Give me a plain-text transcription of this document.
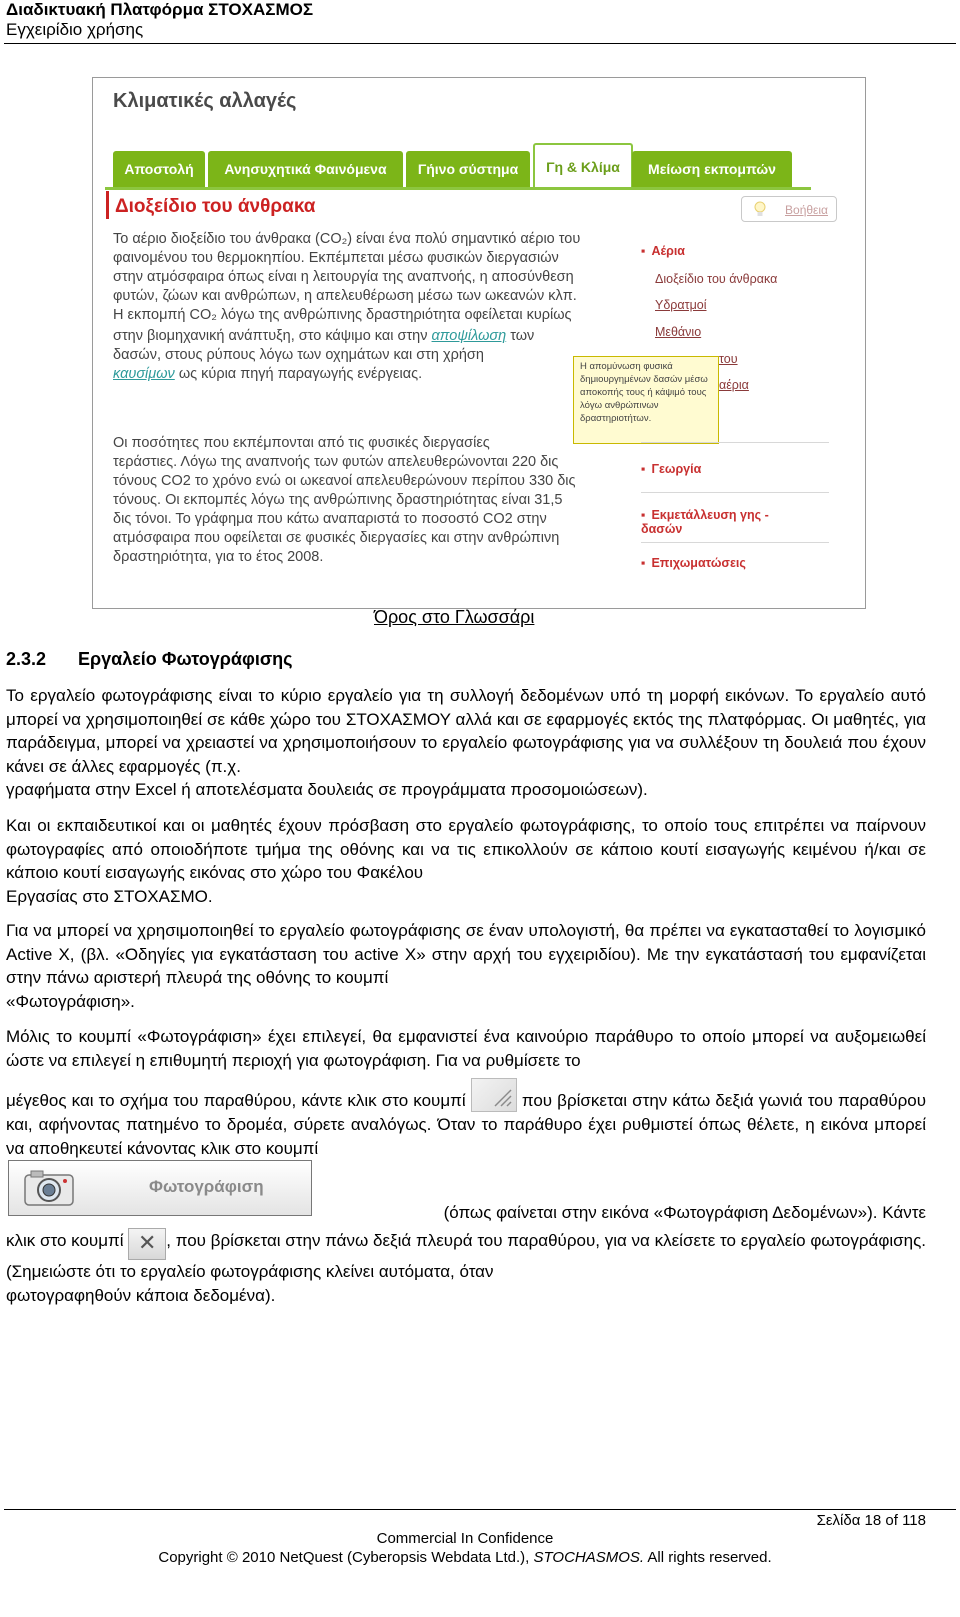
Διαδικτυακή Πλατφόρμα ΣΤΟΧΑΣΜΟΣ
Εγχειρίδιο χρήσης
Κλιματικές αλλαγές
Αποστολή	Ανησυχητικά Φαινόμενα	Γήινο σύστημα	Γη & Κλίμα	Μείωση εκπομπών
Διοξείδιο του άνθρακα	Βοήθεια
Το αέριο διοξείδιο του άνθρακα (CO₂) είναι ένα πολύ σημαντικό αέριο του
φαινομένου του θερμοκηπίου. Εκπέμπεται μέσω φυσικών διεργασιών
στην ατμόσφαιρα όπως είναι η λειτουργία της αναπνοής, η αποσύνθεση
φυτών, ζώων και ανθρώπων, η απελευθέρωση μέσω των ωκεανών κλπ.
Η εκπομπή CO₂ λόγω της ανθρώπινης δραστηριότητα οφείλεται κυρίως
στην βιομηχανική ανάπτυξη, στο κάψιμο και στην αποψίλωση των
δασών, στους ρύπους λόγω των οχημάτων και στη χρήση
καυσίμων ως κύρια πηγή παραγωγής ενέργειας.
Οι ποσότητες που εκπέμπονται από τις φυσικές διεργασίες
τεράστιες. Λόγω της αναπνοής των φυτών απελευθερώνονται 220 δις
τόνους CO2 το χρόνο ενώ οι ωκεανοί απελευθερώνουν περίπου 330 δις
τόνους. Οι εκπομπές λόγω της ανθρώπινης δραστηριότητας είναι 31,5
δις τόνοι. Το γράφημα που κάτω αναπαριστά το ποσοστό CO2 στην
ατμόσφαιρα που οφείλεται σε φυσικές διεργασίες και στην ανθρώπινη
δραστηριότητα, για το έτος 2008.
Η απομύνωση φυσικά δημιουργημένων δασών μέσω αποκοπής τους ή κάψιμό τους λόγω ανθρώπινων δραστηριοτήτων.
▪ Αέρια
Διοξείδιο του άνθρακα
Υδρατμοί
Μεθάνιο
του
αέρια
▪ Γεωργία
▪ Εκμετάλλευση γης - δασών
▪ Επιχωματώσεις
Όρος στο Γλωσσάρι
2.3.2 Εργαλείο Φωτογράφισης
Το εργαλείο φωτογράφισης είναι το κύριο εργαλείο για τη συλλογή δεδομένων υπό τη μορφή εικόνων. Το εργαλείο αυτό μπορεί να χρησιμοποιηθεί σε κάθε χώρο του ΣΤΟΧΑΣΜΟΥ αλλά και σε εφαρμογές εκτός της πλατφόρμας. Οι μαθητές, για παράδειγμα, μπορεί να χρειαστεί να χρησιμοποιήσουν το εργαλείο φωτογράφισης για να συλλέξουν τη δουλειά που έχουν κάνει σε άλλες εφαρμογές (π.χ.
γραφήματα στην Excel ή αποτελέσματα δουλειάς σε προγράμματα προσομοιώσεων).
Και οι εκπαιδευτικοί και οι μαθητές έχουν πρόσβαση στο εργαλείο φωτογράφισης, το οποίο τους επιτρέπει να παίρνουν φωτογραφίες από οποιοδήποτε τμήμα της οθόνης και να τις επικολλούν σε κάποιο κουτί εισαγωγής κειμένου ή/και σε κάποιο κουτί εισαγωγής εικόνας στο χώρο του Φακέλου
Εργασίας στο ΣΤΟΧΑΣΜΟ.
Για να μπορεί να χρησιμοποιηθεί το εργαλείο φωτογράφισης σε έναν υπολογιστή, θα πρέπει να εγκατασταθεί το λογισμικό Active X, (βλ. «Οδηγίες για εγκατάσταση του active X» στην αρχή του εγχειριδίου). Με την εγκατάστασή του εμφανίζεται στην πάνω αριστερή πλευρά της οθόνης το κουμπί
«Φωτογράφιση».
Μόλις το κουμπί «Φωτογράφιση» έχει επιλεγεί, θα εμφανιστεί ένα καινούριο παράθυρο το οποίο μπορεί να αυξομειωθεί ώστε να επιλεγεί η επιθυμητή περιοχή για φωτογράφιση. Για να ρυθμίσετε το
μέγεθος και το σχήμα του παραθύρου, κάντε κλικ στο κουμπί	που βρίσκεται στην κάτω δεξιά γωνιά του παραθύρου και, αφήνοντας πατημένο το δρομέα, σύρετε αναλόγως. Όταν το παράθυρο έχει ρυθμιστεί όπως θέλετε, η εικόνα μπορεί να αποθηκευτεί κάνοντας κλικ στο κουμπί
Φωτογράφιση
(όπως φαίνεται στην εικόνα «Φωτογράφιση Δεδομένων»). Κάντε
κλικ στο κουμπί ✕ , που βρίσκεται στην πάνω δεξιά πλευρά του παραθύρου, για να κλείσετε το εργαλείο φωτογράφισης. (Σημειώστε ότι το εργαλείο φωτογράφισης κλείνει αυτόματα, όταν
φωτογραφηθούν κάποια δεδομένα).
Σελίδα 18 of 118
Commercial In Confidence
Copyright © 2010 NetQuest (Cyberopsis Webdata Ltd.), STOCHASMOS. All rights reserved.
